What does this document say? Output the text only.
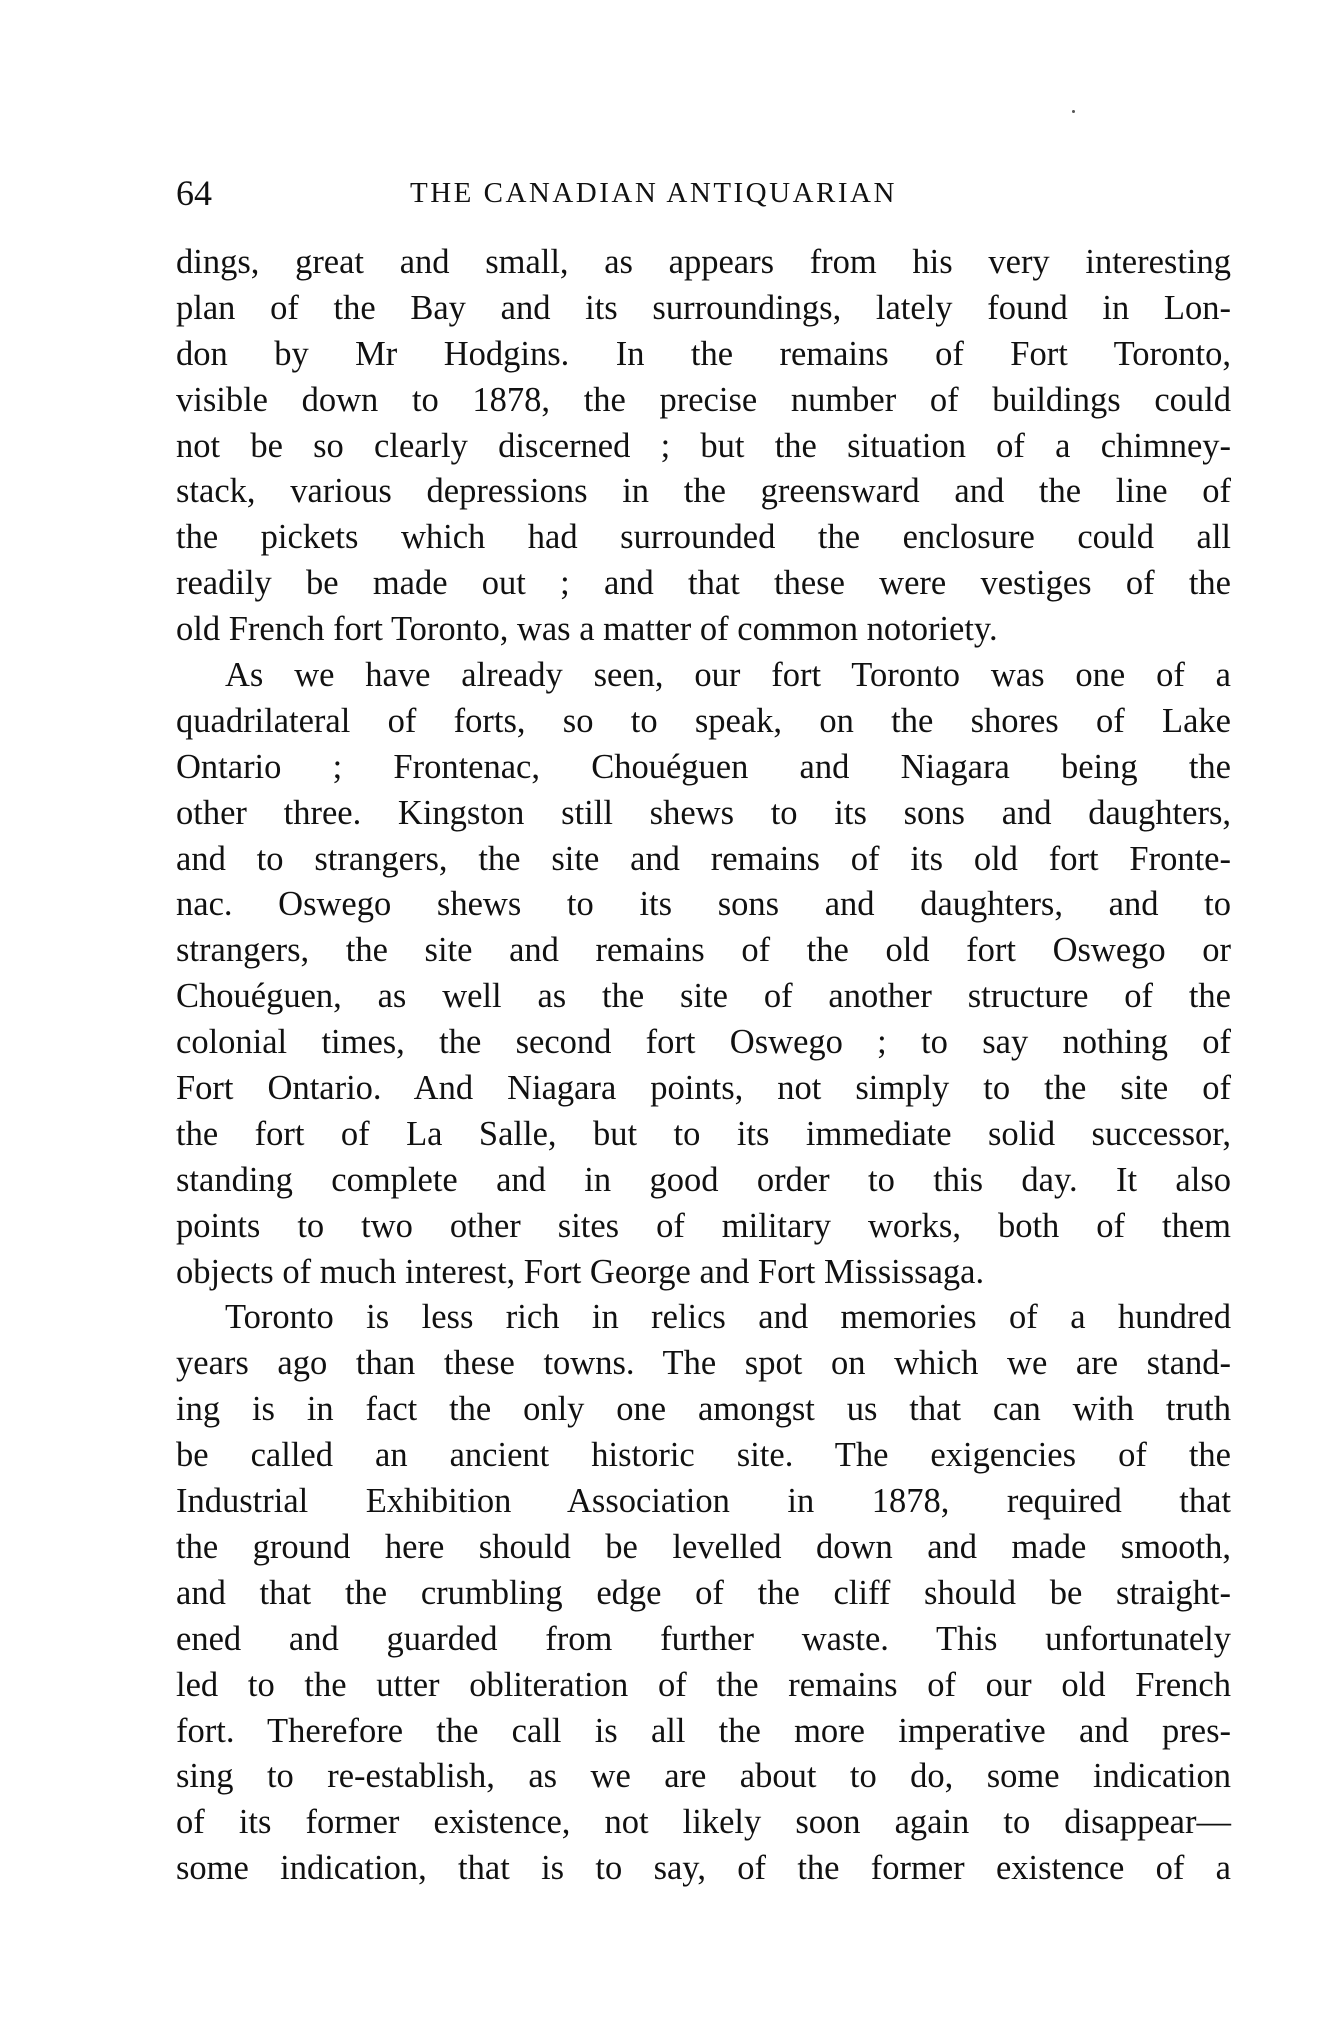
64	THE CANADIAN ANTIQUARIAN
dings, great and small, as appears from his very interesting
plan of the Bay and its surroundings, lately found in Lon-
don by Mr Hodgins. In the remains of Fort Toronto,
visible down to 1878, the precise number of buildings could
not be so clearly discerned ; but the situation of a chimney-
stack, various depressions in the greensward and the line of
the pickets which had surrounded the enclosure could all
readily be made out ; and that these were vestiges of the
old French fort Toronto, was a matter of common notoriety.
As we have already seen, our fort Toronto was one of a
quadrilateral of forts, so to speak, on the shores of Lake
Ontario ; Frontenac, Chouéguen and Niagara being the
other three. Kingston still shews to its sons and daughters,
and to strangers, the site and remains of its old fort Fronte-
nac. Oswego shews to its sons and daughters, and to
strangers, the site and remains of the old fort Oswego or
Chouéguen, as well as the site of another structure of the
colonial times, the second fort Oswego ; to say nothing of
Fort Ontario. And Niagara points, not simply to the site of
the fort of La Salle, but to its immediate solid successor,
standing complete and in good order to this day. It also
points to two other sites of military works, both of them
objects of much interest, Fort George and Fort Mississaga.
Toronto is less rich in relics and memories of a hundred
years ago than these towns. The spot on which we are stand-
ing is in fact the only one amongst us that can with truth
be called an ancient historic site. The exigencies of the
Industrial Exhibition Association in 1878, required that
the ground here should be levelled down and made smooth,
and that the crumbling edge of the cliff should be straight-
ened and guarded from further waste. This unfortunately
led to the utter obliteration of the remains of our old French
fort. Therefore the call is all the more imperative and pres-
sing to re-establish, as we are about to do, some indication
of its former existence, not likely soon again to disappear—
some indication, that is to say, of the former existence of a
